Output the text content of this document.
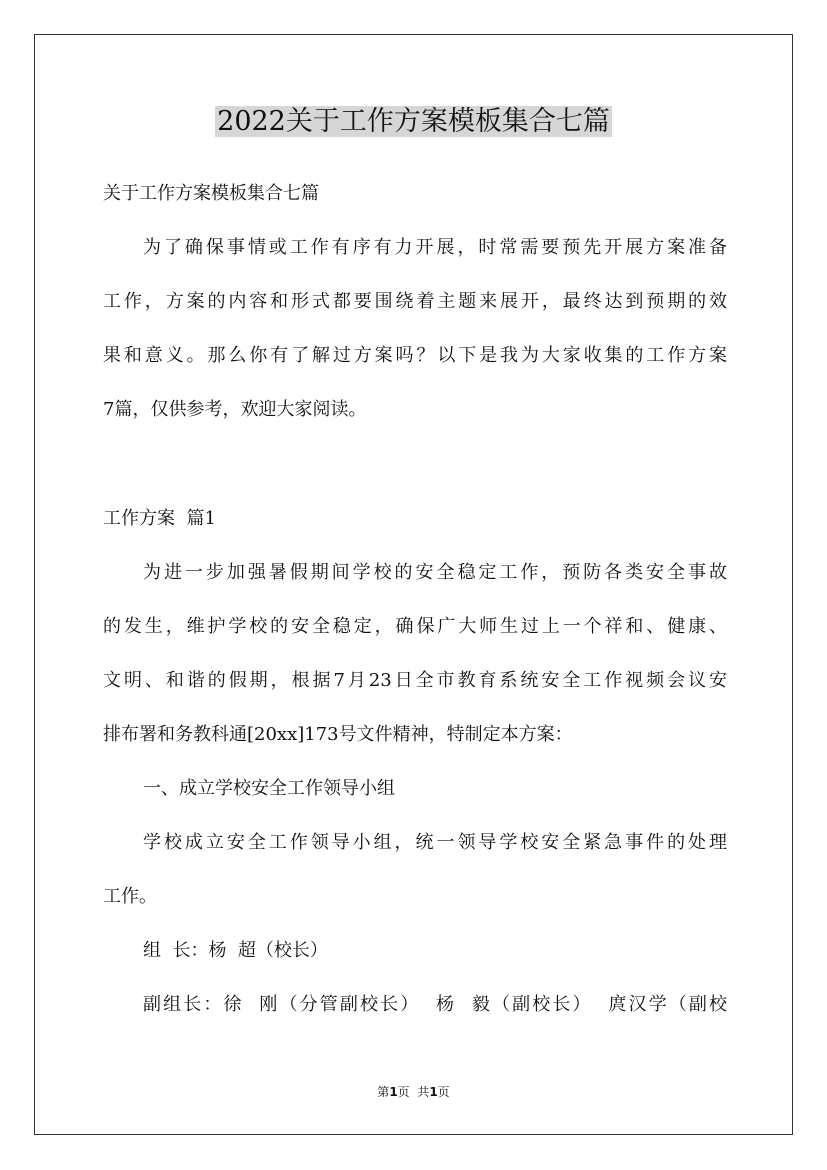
2022关于工作方案模板集合七篇

关于工作方案模板集合七篇

为了确保事情或工作有序有力开展，时常需要预先开展方案准备

工作，方案的内容和形式都要围绕着主题来展开，最终达到预期的效

果和意义。那么你有了解过方案吗？以下是我为大家收集的工作方案

7篇，仅供参考，欢迎大家阅读。

工作方案  篇1

为进一步加强暑假期间学校的安全稳定工作，预防各类安全事故

的发生，维护学校的安全稳定，确保广大师生过上一个祥和、健康、

文明、和谐的假期，根据7月23日全市教育系统安全工作视频会议安

排布署和务教科通[20xx]173号文件精神，特制定本方案：

一、成立学校安全工作领导小组

学校成立安全工作领导小组，统一领导学校安全紧急事件的处理

工作。

组  长：杨  超（校长）

副组长：徐  刚（分管副校长）  杨  毅（副校长）  庹汉学（副校

第1页  共1页
